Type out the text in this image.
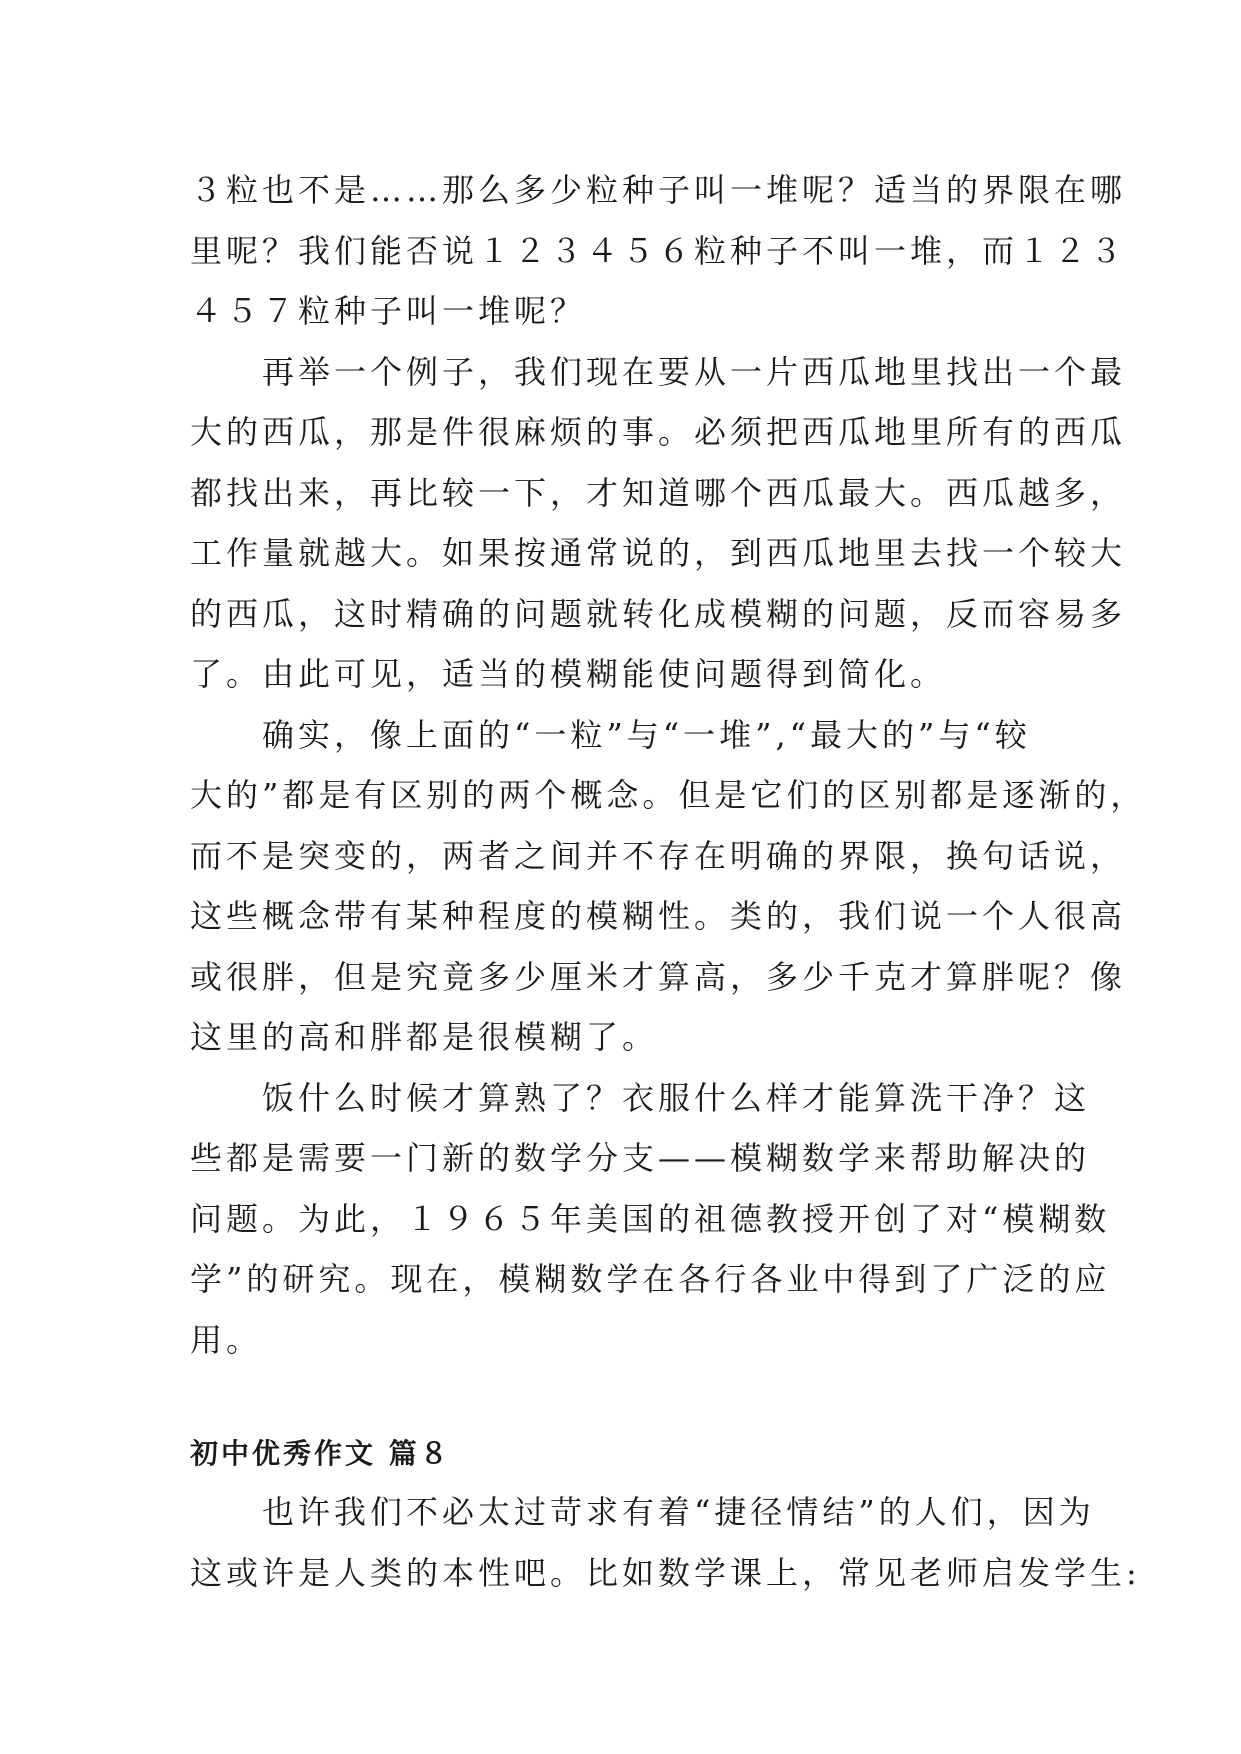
３粒也不是……那么多少粒种子叫一堆呢？适当的界限在哪
里呢？我们能否说１２３４５６粒种子不叫一堆，而１２３
４５７粒种子叫一堆呢？

再举一个例子，我们现在要从一片西瓜地里找出一个最
大的西瓜，那是件很麻烦的事。必须把西瓜地里所有的西瓜
都找出来，再比较一下，才知道哪个西瓜最大。西瓜越多，
工作量就越大。如果按通常说的，到西瓜地里去找一个较大
的西瓜，这时精确的问题就转化成模糊的问题，反而容易多
了。由此可见，适当的模糊能使问题得到简化。

确实，像上面的“一粒”与“一堆”,“最大的”与“较
大的”都是有区别的两个概念。但是它们的区别都是逐渐的，
而不是突变的，两者之间并不存在明确的界限，换句话说，
这些概念带有某种程度的模糊性。类的，我们说一个人很高
或很胖，但是究竟多少厘米才算高，多少千克才算胖呢？像
这里的高和胖都是很模糊了。

饭什么时候才算熟了？衣服什么样才能算洗干净？这
些都是需要一门新的数学分支——模糊数学来帮助解决的
问题。为此，１９６５年美国的祖德教授开创了对“模糊数
学”的研究。现在，模糊数学在各行各业中得到了广泛的应
用。

初中优秀作文 篇８

也许我们不必太过苛求有着“捷径情结”的人们，因为
这或许是人类的本性吧。比如数学课上，常见老师启发学生:
